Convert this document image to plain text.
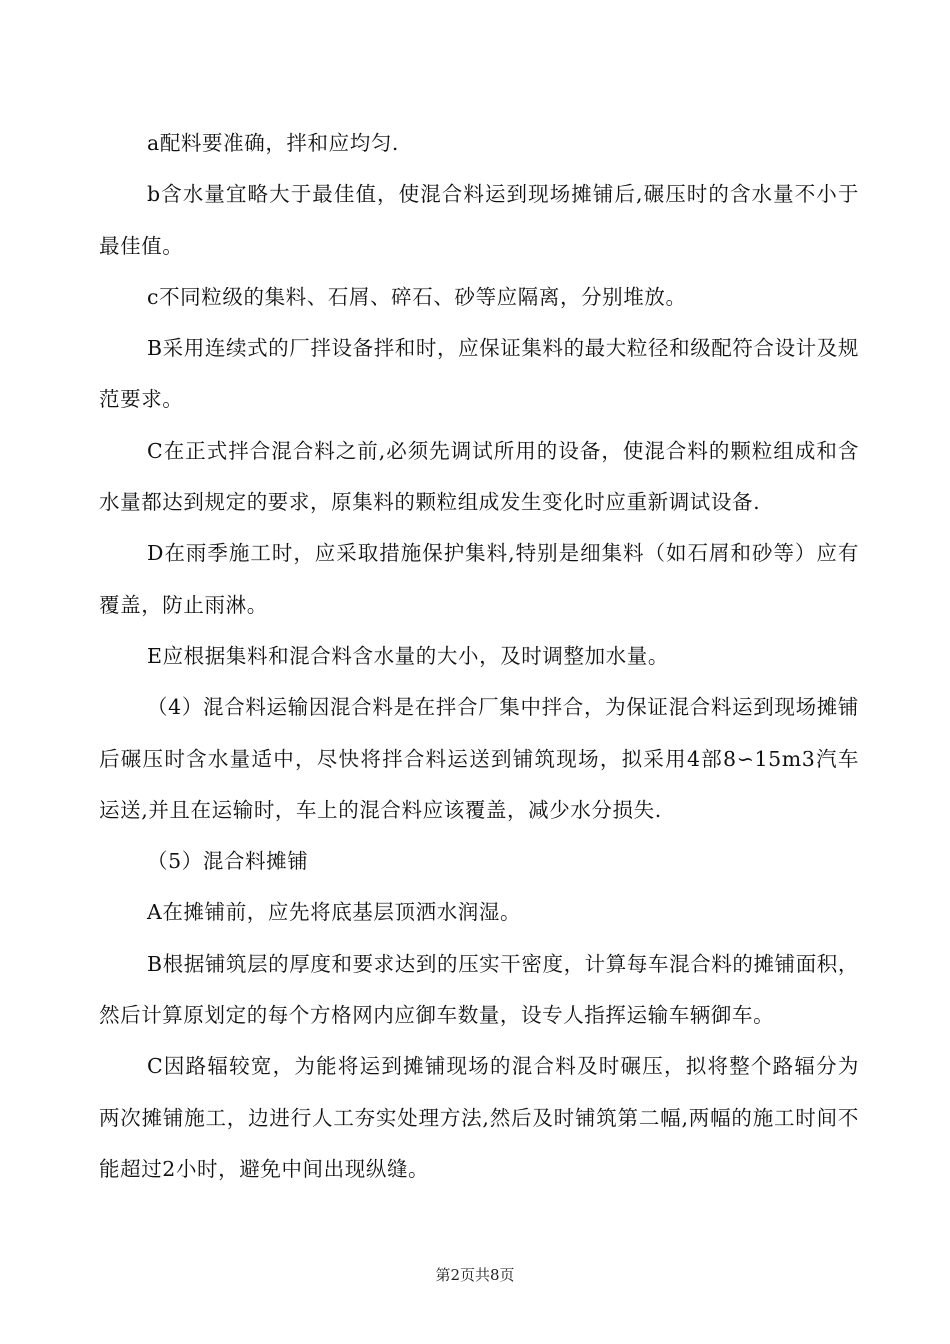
a配料要准确，拌和应均匀.

b含水量宜略大于最佳值，使混合料运到现场摊铺后,碾压时的含水量不小于最佳值。

c不同粒级的集料、石屑、碎石、砂等应隔离，分别堆放。

B采用连续式的厂拌设备拌和时，应保证集料的最大粒径和级配符合设计及规范要求。

C在正式拌合混合料之前,必须先调试所用的设备，使混合料的颗粒组成和含水量都达到规定的要求，原集料的颗粒组成发生变化时应重新调试设备.

D在雨季施工时，应采取措施保护集料,特别是细集料（如石屑和砂等）应有覆盖，防止雨淋。

E应根据集料和混合料含水量的大小，及时调整加水量。

（4）混合料运输因混合料是在拌合厂集中拌合，为保证混合料运到现场摊铺后碾压时含水量适中，尽快将拌合料运送到铺筑现场，拟采用4部8∽15m3汽车运送,并且在运输时，车上的混合料应该覆盖，减少水分损失.

（5）混合料摊铺

A在摊铺前，应先将底基层顶洒水润湿。

B根据铺筑层的厚度和要求达到的压实干密度，计算每车混合料的摊铺面积，然后计算原划定的每个方格网内应御车数量，设专人指挥运输车辆御车。

C因路辐较宽，为能将运到摊铺现场的混合料及时碾压，拟将整个路辐分为两次摊铺施工，边进行人工夯实处理方法,然后及时铺筑第二幅,两幅的施工时间不能超过2小时，避免中间出现纵缝。

第2页共8页
